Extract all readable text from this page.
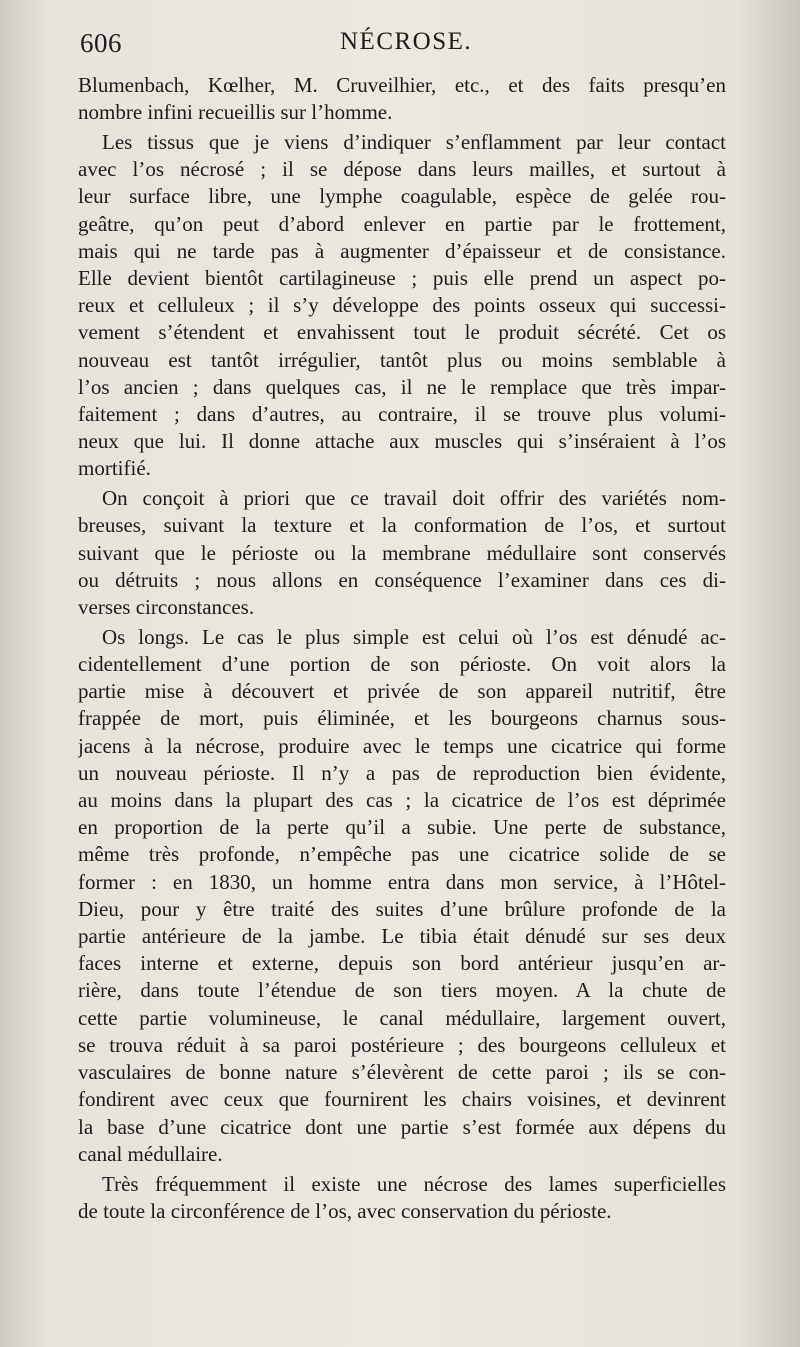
606	NÉCROSE.
Blumenbach, Kœlher, M. Cruveilhier, etc., et des faits presqu’en
nombre infini recueillis sur l’homme.
Les tissus que je viens d’indiquer s’enflamment par leur contact
avec l’os nécrosé ; il se dépose dans leurs mailles, et surtout à
leur surface libre, une lymphe coagulable, espèce de gelée rou-
geâtre, qu’on peut d’abord enlever en partie par le frottement,
mais qui ne tarde pas à augmenter d’épaisseur et de consistance.
Elle devient bientôt cartilagineuse ; puis elle prend un aspect po-
reux et celluleux ; il s’y développe des points osseux qui successi-
vement s’étendent et envahissent tout le produit sécrété. Cet os
nouveau est tantôt irrégulier, tantôt plus ou moins semblable à
l’os ancien ; dans quelques cas, il ne le remplace que très impar-
faitement ; dans d’autres, au contraire, il se trouve plus volumi-
neux que lui. Il donne attache aux muscles qui s’inséraient à l’os
mortifié.
On conçoit à priori que ce travail doit offrir des variétés nom-
breuses, suivant la texture et la conformation de l’os, et surtout
suivant que le périoste ou la membrane médullaire sont conservés
ou détruits ; nous allons en conséquence l’examiner dans ces di-
verses circonstances.
Os longs. Le cas le plus simple est celui où l’os est dénudé ac-
cidentellement d’une portion de son périoste. On voit alors la
partie mise à découvert et privée de son appareil nutritif, être
frappée de mort, puis éliminée, et les bourgeons charnus sous-
jacens à la nécrose, produire avec le temps une cicatrice qui forme
un nouveau périoste. Il n’y a pas de reproduction bien évidente,
au moins dans la plupart des cas ; la cicatrice de l’os est déprimée
en proportion de la perte qu’il a subie. Une perte de substance,
même très profonde, n’empêche pas une cicatrice solide de se
former : en 1830, un homme entra dans mon service, à l’Hôtel-
Dieu, pour y être traité des suites d’une brûlure profonde de la
partie antérieure de la jambe. Le tibia était dénudé sur ses deux
faces interne et externe, depuis son bord antérieur jusqu’en ar-
rière, dans toute l’étendue de son tiers moyen. A la chute de
cette partie volumineuse, le canal médullaire, largement ouvert,
se trouva réduit à sa paroi postérieure ; des bourgeons celluleux et
vasculaires de bonne nature s’élevèrent de cette paroi ; ils se con-
fondirent avec ceux que fournirent les chairs voisines, et devinrent
la base d’une cicatrice dont une partie s’est formée aux dépens du
canal médullaire.
Très fréquemment il existe une nécrose des lames superficielles
de toute la circonférence de l’os, avec conservation du périoste.
